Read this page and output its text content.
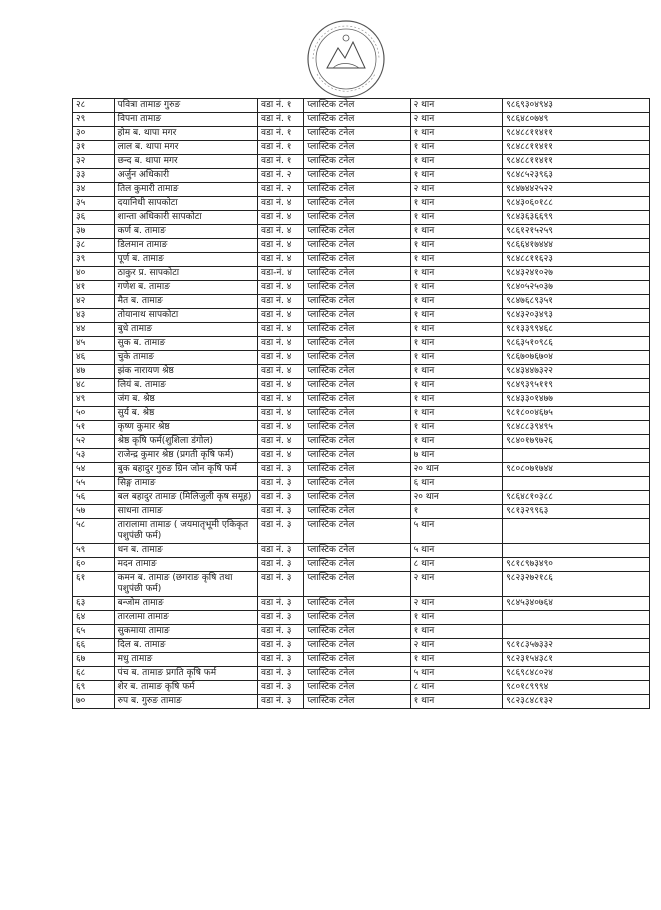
२८	पवित्रा तामाङ गुरुङ	वडा नं. १	प्लास्टिक टनेल	२ थान	९८६९३०४९४३
२९	विपना तामाङ	वडा नं. १	प्लास्टिक टनेल	२ थान	९८६४८०७४९
३०	होम ब. थापा मगर	वडा नं. १	प्लास्टिक टनेल	१ थान	९८४८८११४११
३१	लाल ब. थापा मगर	वडा नं. १	प्लास्टिक टनेल	१ थान	९८४८८११४११
३२	छन्द ब. थापा मगर	वडा नं. १	प्लास्टिक टनेल	१ थान	९८४८८११४११
३३	अर्जुन अधिकारी	वडा नं. २	प्लास्टिक टनेल	१ थान	९८४८५२३९६३
३४	तिल कुमारी तामाङ	वडा नं. २	प्लास्टिक टनेल	२ थान	९८४७४४२५२२
३५	दयानिधी सापकोटा	वडा नं. ४	प्लास्टिक टनेल	१ थान	९८४३०६०१८८
३६	शान्ता अधिकारी सापकोटा	वडा नं. ४	प्लास्टिक टनेल	१ थान	९८४३६३६६९९
३७	कर्ण ब. तामाङ	वडा नं. ४	प्लास्टिक टनेल	१ थान	९८६१२१५२५९
३८	डिलमान तामाङ	वडा नं. ४	प्लास्टिक टनेल	१ थान	९८६६४१७४४४
३९	पूर्ण ब. तामाङ	वडा नं. ४	प्लास्टिक टनेल	१ थान	९८४८८११६२३
४०	ठाकुर प्र. सापकोटा	वडा-नं. ४	प्लास्टिक टनेल	१ थान	९८४३२४१०२७
४१	गणेश ब. तामाङ	वडा नं. ४	प्लास्टिक टनेल	१ थान	९८४०५२५०३७
४२	मैत ब. तामाङ	वडा नं. ४	प्लास्टिक टनेल	१ थान	९८४७६८९३५१
४३	तोयानाथ सापकोटा	वडा नं. ४	प्लास्टिक टनेल	१ थान	९८४३२०३४९३
४४	बुधे तामाङ	वडा नं. ४	प्लास्टिक टनेल	१ थान	९८१३३९९४६८
४५	सुक ब. तामाङ	वडा नं. ४	प्लास्टिक टनेल	१ थान	९८६३५१०९८६
४६	चुके तामाङ	वडा नं. ४	प्लास्टिक टनेल	१ थान	९८६७०७६७०४
४७	झंक नारायण श्रेष्ठ	वडा नं. ४	प्लास्टिक टनेल	१ थान	९८४३४४७३२२
४८	लियं ब. तामाङ	वडा नं. ४	प्लास्टिक टनेल	१ थान	९८४९३९५११९
४९	जंग ब. श्रेष्ठ	वडा नं. ४	प्लास्टिक टनेल	१ थान	९८४३३०१४७७
५०	सुर्य ब. श्रेष्ठ	वडा नं. ४	प्लास्टिक टनेल	१ थान	९८१८००४६७५
५१	कृष्ण कुमार श्रेष्ठ	वडा नं. ४	प्लास्टिक टनेल	१ थान	९८४८८३९४९५
५२	श्रेष्ठ कृषि फर्म(शुशिला डंगोल)	वडा नं. ४	प्लास्टिक टनेल	१ थान	९८४०१७९७२६
५३	राजेन्द्र कुमार श्रेष्ठ (प्रगती कृषि फर्म)	वडा नं. ४	प्लास्टिक टनेल	७ थान	
५४	बुक बहादुर गुरुङ ग्रिन जोन कृषि फर्म	वडा नं. ३	प्लास्टिक टनेल	२० थान	९८०८०७१७४४
५५	सिङ्ग तामाङ	वडा नं. ३	प्लास्टिक टनेल	६ थान	
५६	बल बहादुर तामाङ (मिलिजुली कृष समूह)	वडा नं. ३	प्लास्टिक टनेल	२० थान	९८६४८१०३८८
५७	साधना तामाङ	वडा नं. ३	प्लास्टिक टनेल	१	९८१३२९९६३
५८	तारालामा तामाङ ( जयमातृभूमी एकिकृत पशुपंछी फर्म)	वडा नं. ३	प्लास्टिक टनेल	५ थान	
५९	धन ब. तामाङ	वडा नं. ३	प्लास्टिक टनेल	५ थान	
६०	मदन तामाङ	वडा नं. ३	प्लास्टिक टनेल	८ थान	९८१८९७३४९०
६१	कमन ब. तामाङ (छगराङ कृषि तथा पशुपंछी फर्म)	वडा नं. ३	प्लास्टिक टनेल	२ थान	९८२३२७२१८६
६३	बन्जोम तामाङ	वडा नं. ३	प्लास्टिक टनेल	२ थान	९८४५३४०७६४
६४	तारलामा तामाङ	वडा नं. ३	प्लास्टिक टनेल	१ थान	
६५	सुकमाया तामाङ	वडा नं. ३	प्लास्टिक टनेल	१ थान	
६६	दिल ब. तामाङ	वडा नं. ३	प्लास्टिक टनेल	२ थान	९८१८३५७३३२
६७	मधु तामाङ	वडा नं. ३	प्लास्टिक टनेल	१ थान	९८२३१५४३८१
६८	पंच ब. तामाङ प्रगति कृषि फर्म	वडा नं. ३	प्लास्टिक टनेल	५ थान	९८६९८४८०२४
६९	शेर ब. तामाङ कृषि फर्म	वडा नं. ३	प्लास्टिक टनेल	८ थान	९८०१८९९९४
७०	रुप ब. गुरुङ तामाङ	वडा नं. ३	प्लास्टिक टनेल	१ थान	९८२३८४८१३२
